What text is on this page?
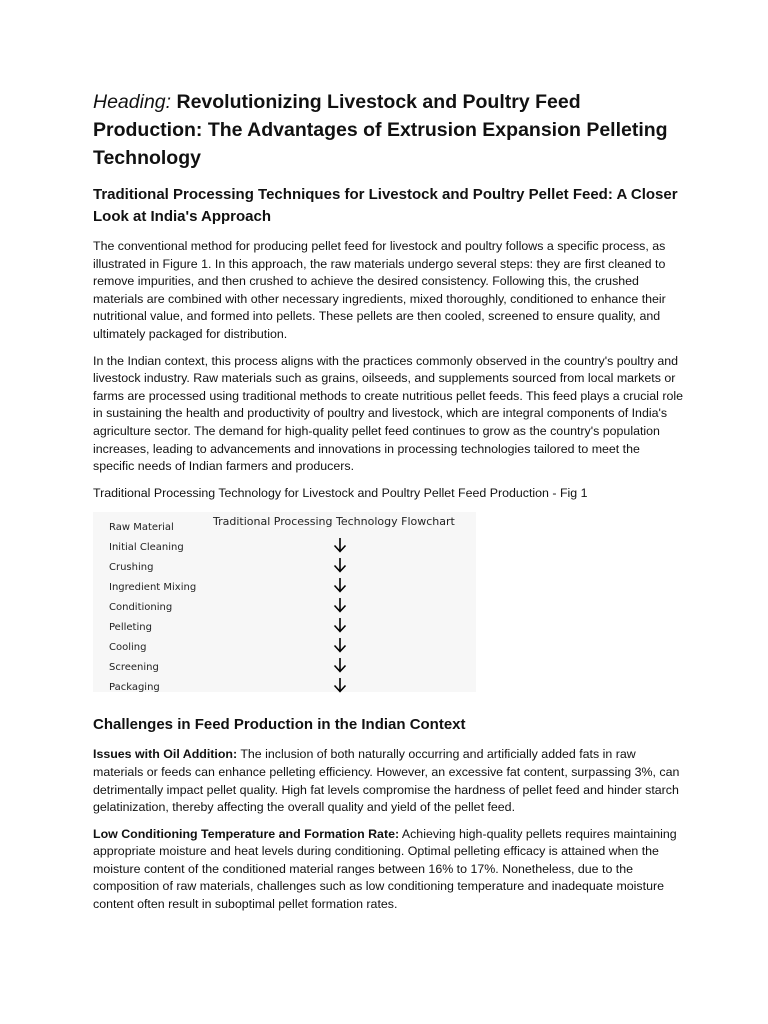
Heading: Revolutionizing Livestock and Poultry Feed Production: The Advantages of Extrusion Expansion Pelleting Technology
Traditional Processing Techniques for Livestock and Poultry Pellet Feed: A Closer Look at India's Approach

The conventional method for producing pellet feed for livestock and poultry follows a specific process, as illustrated in Figure 1. In this approach, the raw materials undergo several steps: they are first cleaned to remove impurities, and then crushed to achieve the desired consistency. Following this, the crushed materials are combined with other necessary ingredients, mixed thoroughly, conditioned to enhance their nutritional value, and formed into pellets. These pellets are then cooled, screened to ensure quality, and ultimately packaged for distribution.

In the Indian context, this process aligns with the practices commonly observed in the country's poultry and livestock industry. Raw materials such as grains, oilseeds, and supplements sourced from local markets or farms are processed using traditional methods to create nutritious pellet feeds. This feed plays a crucial role in sustaining the health and productivity of poultry and livestock, which are integral components of India's agriculture sector. The demand for high-quality pellet feed continues to grow as the country's population increases, leading to advancements and innovations in processing technologies tailored to meet the specific needs of Indian farmers and producers.

Traditional Processing Technology for Livestock and Poultry Pellet Feed Production - Fig 1

Traditional Processing Technology Flowchart
Raw Material
Initial Cleaning
Crushing
Ingredient Mixing
Conditioning
Pelleting
Cooling
Screening
Packaging
Challenges in Feed Production in the Indian Context

Issues with Oil Addition: The inclusion of both naturally occurring and artificially added fats in raw materials or feeds can enhance pelleting efficiency. However, an excessive fat content, surpassing 3%, can detrimentally impact pellet quality. High fat levels compromise the hardness of pellet feed and hinder starch gelatinization, thereby affecting the overall quality and yield of the pellet feed.

Low Conditioning Temperature and Formation Rate: Achieving high-quality pellets requires maintaining appropriate moisture and heat levels during conditioning. Optimal pelleting efficacy is attained when the moisture content of the conditioned material ranges between 16% to 17%. Nonetheless, due to the composition of raw materials, challenges such as low conditioning temperature and inadequate moisture content often result in suboptimal pellet formation rates.
